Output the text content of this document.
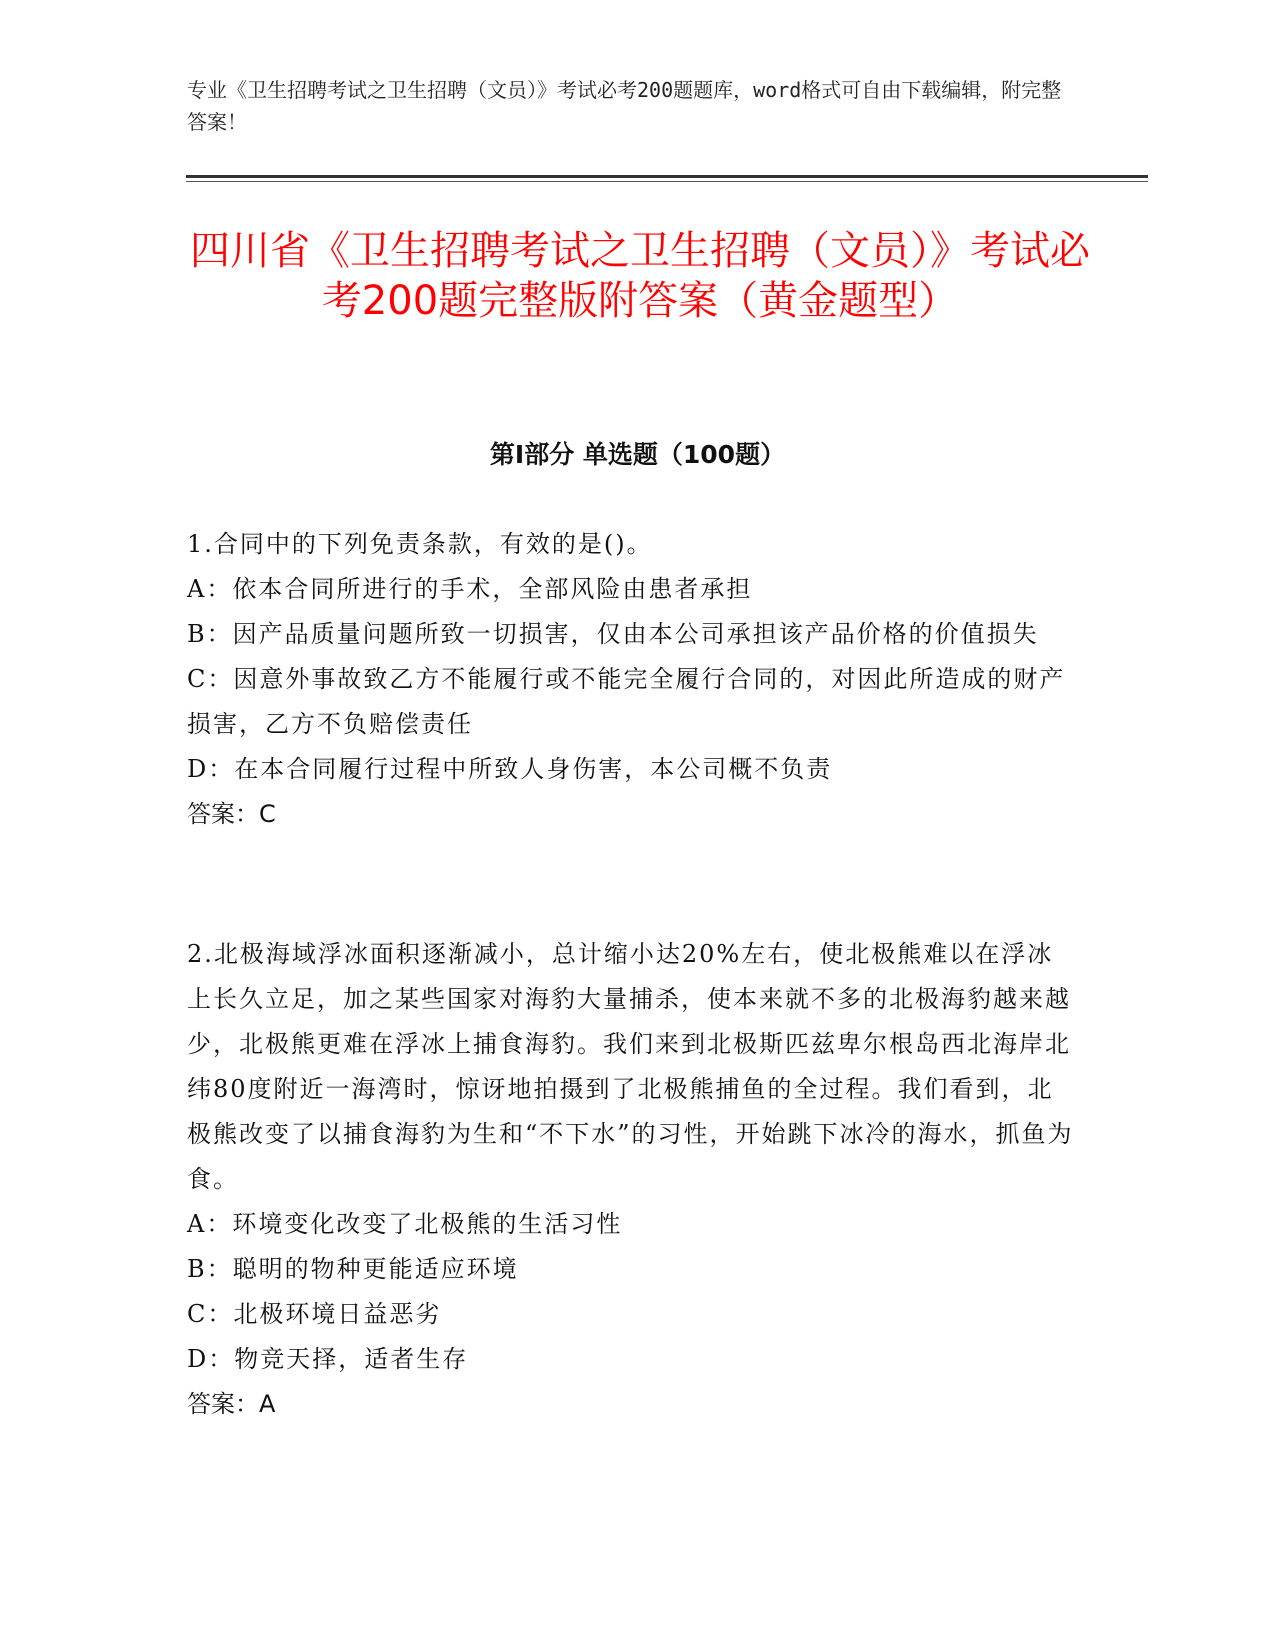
专业《卫生招聘考试之卫生招聘（文员）》考试必考200题题库，word格式可自由下载编辑，附完整答案！
四川省《卫生招聘考试之卫生招聘（文员）》考试必考200题完整版附答案（黄金题型）
第I部分 单选题（100题）

1.合同中的下列免责条款，有效的是()。

A：依本合同所进行的手术，全部风险由患者承担

B：因产品质量问题所致一切损害，仅由本公司承担该产品价格的价值损失

C：因意外事故致乙方不能履行或不能完全履行合同的，对因此所造成的财产损害，乙方不负赔偿责任

D：在本合同履行过程中所致人身伤害，本公司概不负责

答案：C

2.北极海域浮冰面积逐渐减小，总计缩小达20%左右，使北极熊难以在浮冰上长久立足，加之某些国家对海豹大量捕杀，使本来就不多的北极海豹越来越少，北极熊更难在浮冰上捕食海豹。我们来到北极斯匹兹卑尔根岛西北海岸北纬80度附近一海湾时，惊讶地拍摄到了北极熊捕鱼的全过程。我们看到，北极熊改变了以捕食海豹为生和“不下水”的习性，开始跳下冰冷的海水，抓鱼为食。

A：环境变化改变了北极熊的生活习性

B：聪明的物种更能适应环境

C：北极环境日益恶劣

D：物竞天择，适者生存

答案：A
